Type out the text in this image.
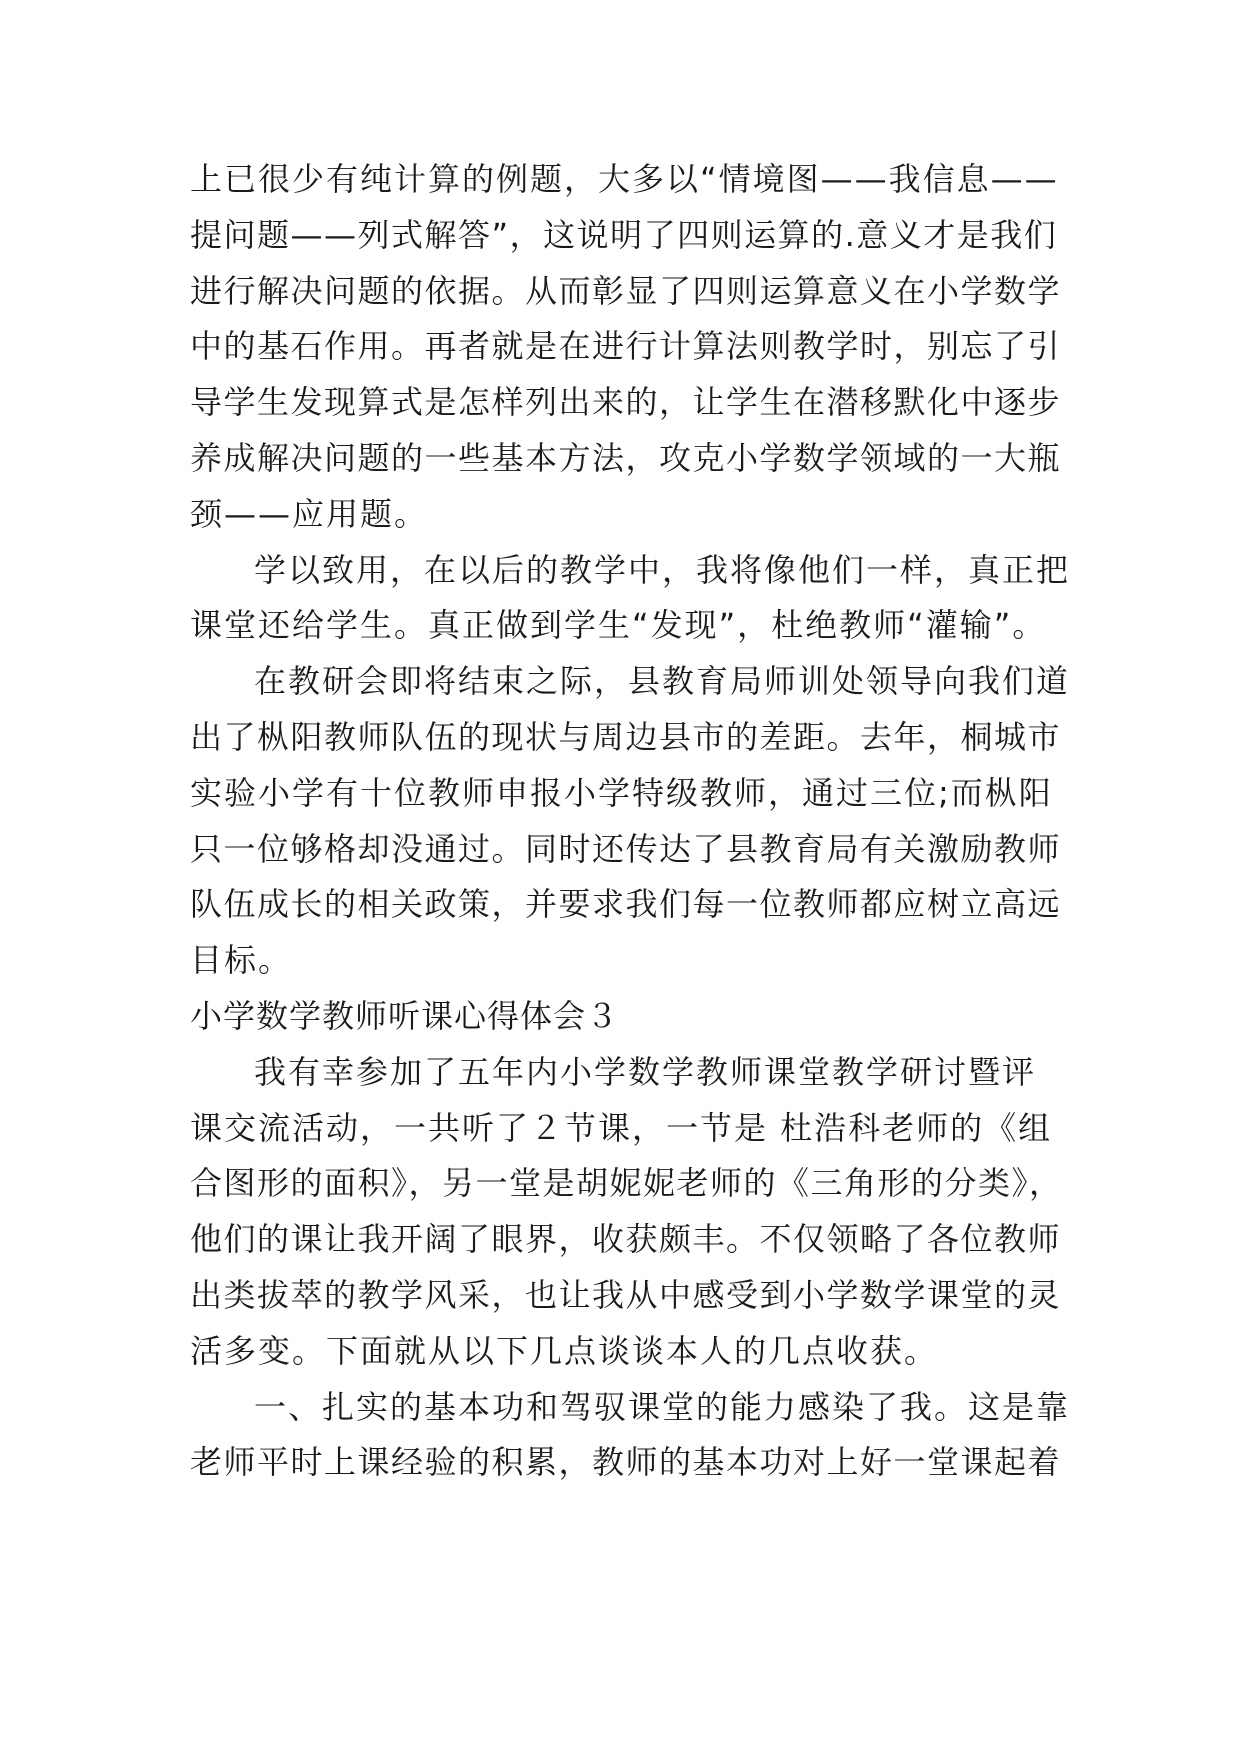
上已很少有纯计算的例题，大多以“情境图——我信息——
提问题——列式解答”，这说明了四则运算的.意义才是我们
进行解决问题的依据。从而彰显了四则运算意义在小学数学
中的基石作用。再者就是在进行计算法则教学时，别忘了引
导学生发现算式是怎样列出来的，让学生在潜移默化中逐步
养成解决问题的一些基本方法，攻克小学数学领域的一大瓶
颈——应用题。
学以致用，在以后的教学中，我将像他们一样，真正把
课堂还给学生。真正做到学生“发现”，杜绝教师“灌输”。
在教研会即将结束之际，县教育局师训处领导向我们道
出了枞阳教师队伍的现状与周边县市的差距。去年，桐城市
实验小学有十位教师申报小学特级教师，通过三位;而枞阳
只一位够格却没通过。同时还传达了县教育局有关激励教师
队伍成长的相关政策，并要求我们每一位教师都应树立高远
目标。
小学数学教师听课心得体会３
我有幸参加了五年内小学数学教师课堂教学研讨暨评
课交流活动，一共听了２节课，一节是 杜浩科老师的《组
合图形的面积》，另一堂是胡妮妮老师的《三角形的分类》，
他们的课让我开阔了眼界，收获颇丰。不仅领略了各位教师
出类拔萃的教学风采，也让我从中感受到小学数学课堂的灵
活多变。下面就从以下几点谈谈本人的几点收获。
一、扎实的基本功和驾驭课堂的能力感染了我。这是靠
老师平时上课经验的积累，教师的基本功对上好一堂课起着
